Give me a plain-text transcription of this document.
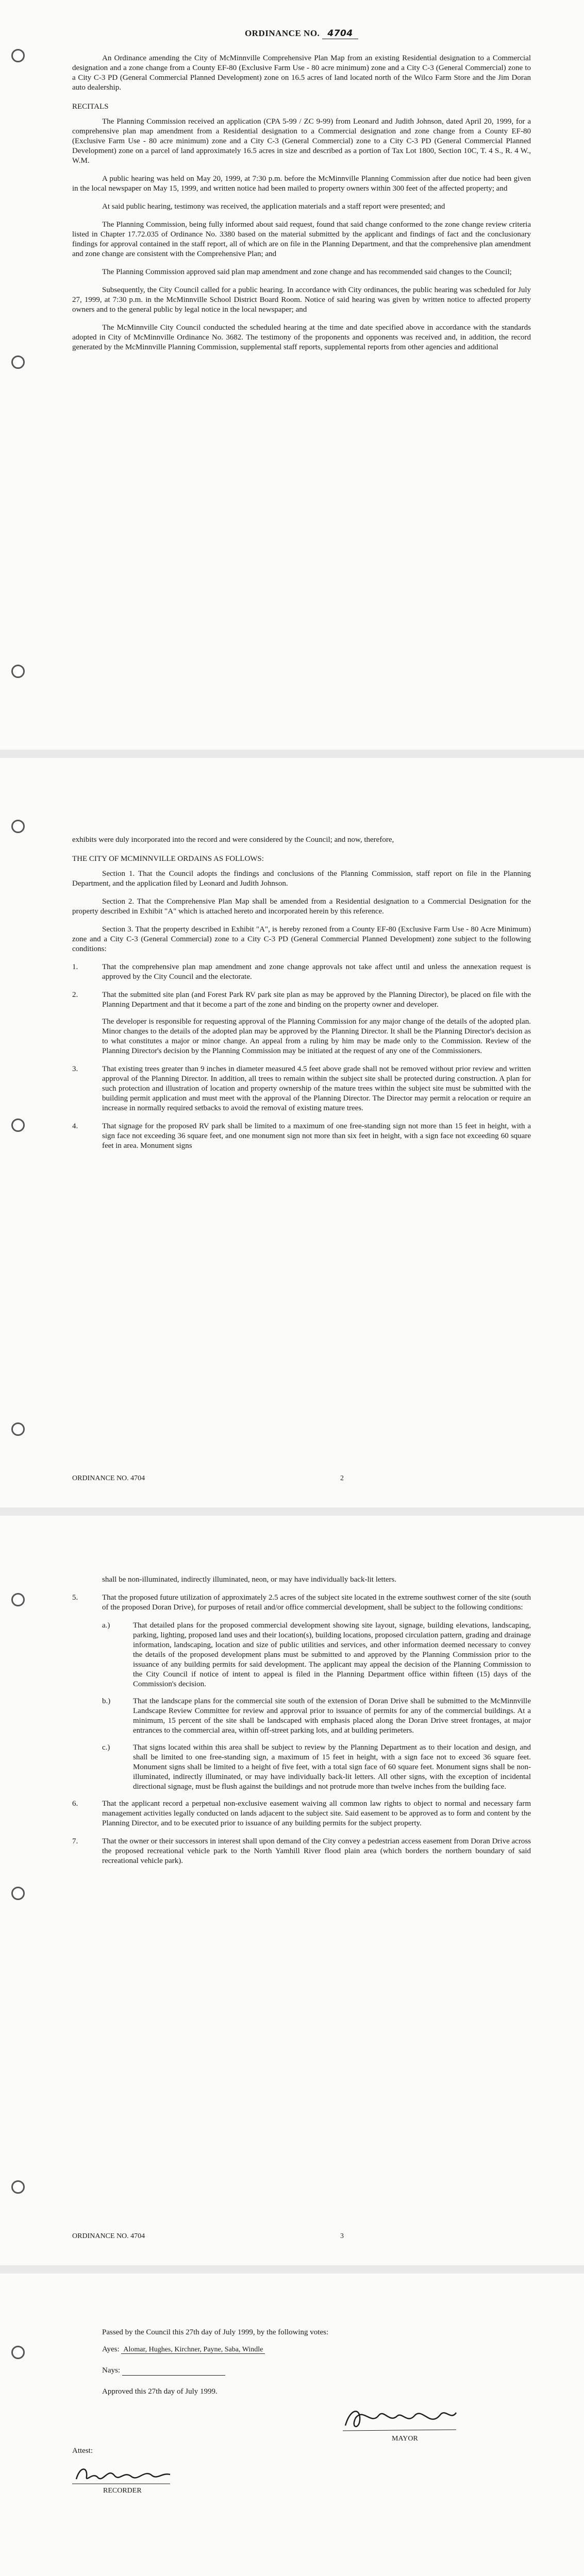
ORDINANCE NO. 4704

An Ordinance amending the City of McMinnville Comprehensive Plan Map from an existing Residential designation to a Commercial designation and a zone change from a County EF-80 (Exclusive Farm Use - 80 acre minimum) zone and a City C-3 (General Commercial) zone to a City C-3 PD (General Commercial Planned Development) zone on 16.5 acres of land located north of the Wilco Farm Store and the Jim Doran auto dealership.

RECITALS

The Planning Commission received an application (CPA 5-99 / ZC 9-99) from Leonard and Judith Johnson, dated April 20, 1999, for a comprehensive plan map amendment from a Residential designation to a Commercial designation and zone change from a County EF-80 (Exclusive Farm Use - 80 acre minimum) zone and a City C-3 (General Commercial) zone to a City C-3 PD (General Commercial Planned Development) zone on a parcel of land approximately 16.5 acres in size and described as a portion of Tax Lot 1800, Section 10C, T. 4 S., R. 4 W., W.M.

A public hearing was held on May 20, 1999, at 7:30 p.m. before the McMinnville Planning Commission after due notice had been given in the local newspaper on May 15, 1999, and written notice had been mailed to property owners within 300 feet of the affected property; and

At said public hearing, testimony was received, the application materials and a staff report were presented; and

The Planning Commission, being fully informed about said request, found that said change conformed to the zone change review criteria listed in Chapter 17.72.035 of Ordinance No. 3380 based on the material submitted by the applicant and findings of fact and the conclusionary findings for approval contained in the staff report, all of which are on file in the Planning Department, and that the comprehensive plan amendment and zone change are consistent with the Comprehensive Plan; and

The Planning Commission approved said plan map amendment and zone change and has recommended said changes to the Council;

Subsequently, the City Council called for a public hearing. In accordance with City ordinances, the public hearing was scheduled for July 27, 1999, at 7:30 p.m. in the McMinnville School District Board Room. Notice of said hearing was given by written notice to affected property owners and to the general public by legal notice in the local newspaper; and

The McMinnville City Council conducted the scheduled hearing at the time and date specified above in accordance with the standards adopted in City of McMinnville Ordinance No. 3682. The testimony of the proponents and opponents was received and, in addition, the record generated by the McMinnville Planning Commission, supplemental staff reports, supplemental reports from other agencies and additional

exhibits were duly incorporated into the record and were considered by the Council; and now, therefore,

THE CITY OF MCMINNVILLE ORDAINS AS FOLLOWS:

Section 1. That the Council adopts the findings and conclusions of the Planning Commission, staff report on file in the Planning Department, and the application filed by Leonard and Judith Johnson.

Section 2. That the Comprehensive Plan Map shall be amended from a Residential designation to a Commercial Designation for the property described in Exhibit "A" which is attached hereto and incorporated herein by this reference.

Section 3. That the property described in Exhibit "A", is hereby rezoned from a County EF-80 (Exclusive Farm Use - 80 Acre Minimum) zone and a City C-3 (General Commercial) zone to a City C-3 PD (General Commercial Planned Development) zone subject to the following conditions:

1.	That the comprehensive plan map amendment and zone change approvals not take affect until and unless the annexation request is approved by the City Council and the electorate.

2.	That the submitted site plan (and Forest Park RV park site plan as may be approved by the Planning Director), be placed on file with the Planning Department and that it become a part of the zone and binding on the property owner and developer.

The developer is responsible for requesting approval of the Planning Commission for any major change of the details of the adopted plan. Minor changes to the details of the adopted plan may be approved by the Planning Director. It shall be the Planning Director's decision as to what constitutes a major or minor change. An appeal from a ruling by him may be made only to the Commission. Review of the Planning Director's decision by the Planning Commission may be initiated at the request of any one of the Commissioners.

3.	That existing trees greater than 9 inches in diameter measured 4.5 feet above grade shall not be removed without prior review and written approval of the Planning Director. In addition, all trees to remain within the subject site shall be protected during construction. A plan for such protection and illustration of location and property ownership of the mature trees within the subject site must be submitted with the building permit application and must meet with the approval of the Planning Director. The Director may permit a relocation or require an increase in normally required setbacks to avoid the removal of existing mature trees.

4.	That signage for the proposed RV park shall be limited to a maximum of one free-standing sign not more than 15 feet in height, with a sign face not exceeding 36 square feet, and one monument sign not more than six feet in height, with a sign face not exceeding 60 square feet in area. Monument signs

ORDINANCE NO. 4704	2

shall be non-illuminated, indirectly illuminated, neon, or may have individually back-lit letters.

5.	That the proposed future utilization of approximately 2.5 acres of the subject site located in the extreme southwest corner of the site (south of the proposed Doran Drive), for purposes of retail and/or office commercial development, shall be subject to the following conditions:

a.)	That detailed plans for the proposed commercial development showing site layout, signage, building elevations, landscaping, parking, lighting, proposed land uses and their location(s), building locations, proposed circulation pattern, grading and drainage information, landscaping, location and size of public utilities and services, and other information deemed necessary to convey the details of the proposed development plans must be submitted to and approved by the Planning Commission prior to the issuance of any building permits for said development. The applicant may appeal the decision of the Planning Commission to the City Council if notice of intent to appeal is filed in the Planning Department office within fifteen (15) days of the Commission's decision.
b.)	That the landscape plans for the commercial site south of the extension of Doran Drive shall be submitted to the McMinnville Landscape Review Committee for review and approval prior to issuance of permits for any of the commercial buildings. At a minimum, 15 percent of the site shall be landscaped with emphasis placed along the Doran Drive street frontages, at major entrances to the commercial area, within off-street parking lots, and at building perimeters.
c.)	That signs located within this area shall be subject to review by the Planning Department as to their location and design, and shall be limited to one free-standing sign, a maximum of 15 feet in height, with a sign face not to exceed 36 square feet. Monument signs shall be limited to a height of five feet, with a total sign face of 60 square feet. Monument signs shall be non-illuminated, indirectly illuminated, or may have individually back-lit letters. All other signs, with the exception of incidental directional signage, must be flush against the buildings and not protrude more than twelve inches from the building face.
6.	That the applicant record a perpetual non-exclusive easement waiving all common law rights to object to normal and necessary farm management activities legally conducted on lands adjacent to the subject site. Said easement to be approved as to form and content by the Planning Director, and to be executed prior to issuance of any building permits for the subject property.

7.	That the owner or their successors in interest shall upon demand of the City convey a pedestrian access easement from Doran Drive across the proposed recreational vehicle park to the North Yamhill River flood plain area (which borders the northern boundary of said recreational vehicle park).

ORDINANCE NO. 4704	3

Passed by the Council this 27th day of July 1999, by the following votes:

Ayes: Alomar, Hughes, Kirchner, Payne, Saba, Windle
Nays:

Approved this 27th day of July 1999.

MAYOR
Attest:
RECORDER
